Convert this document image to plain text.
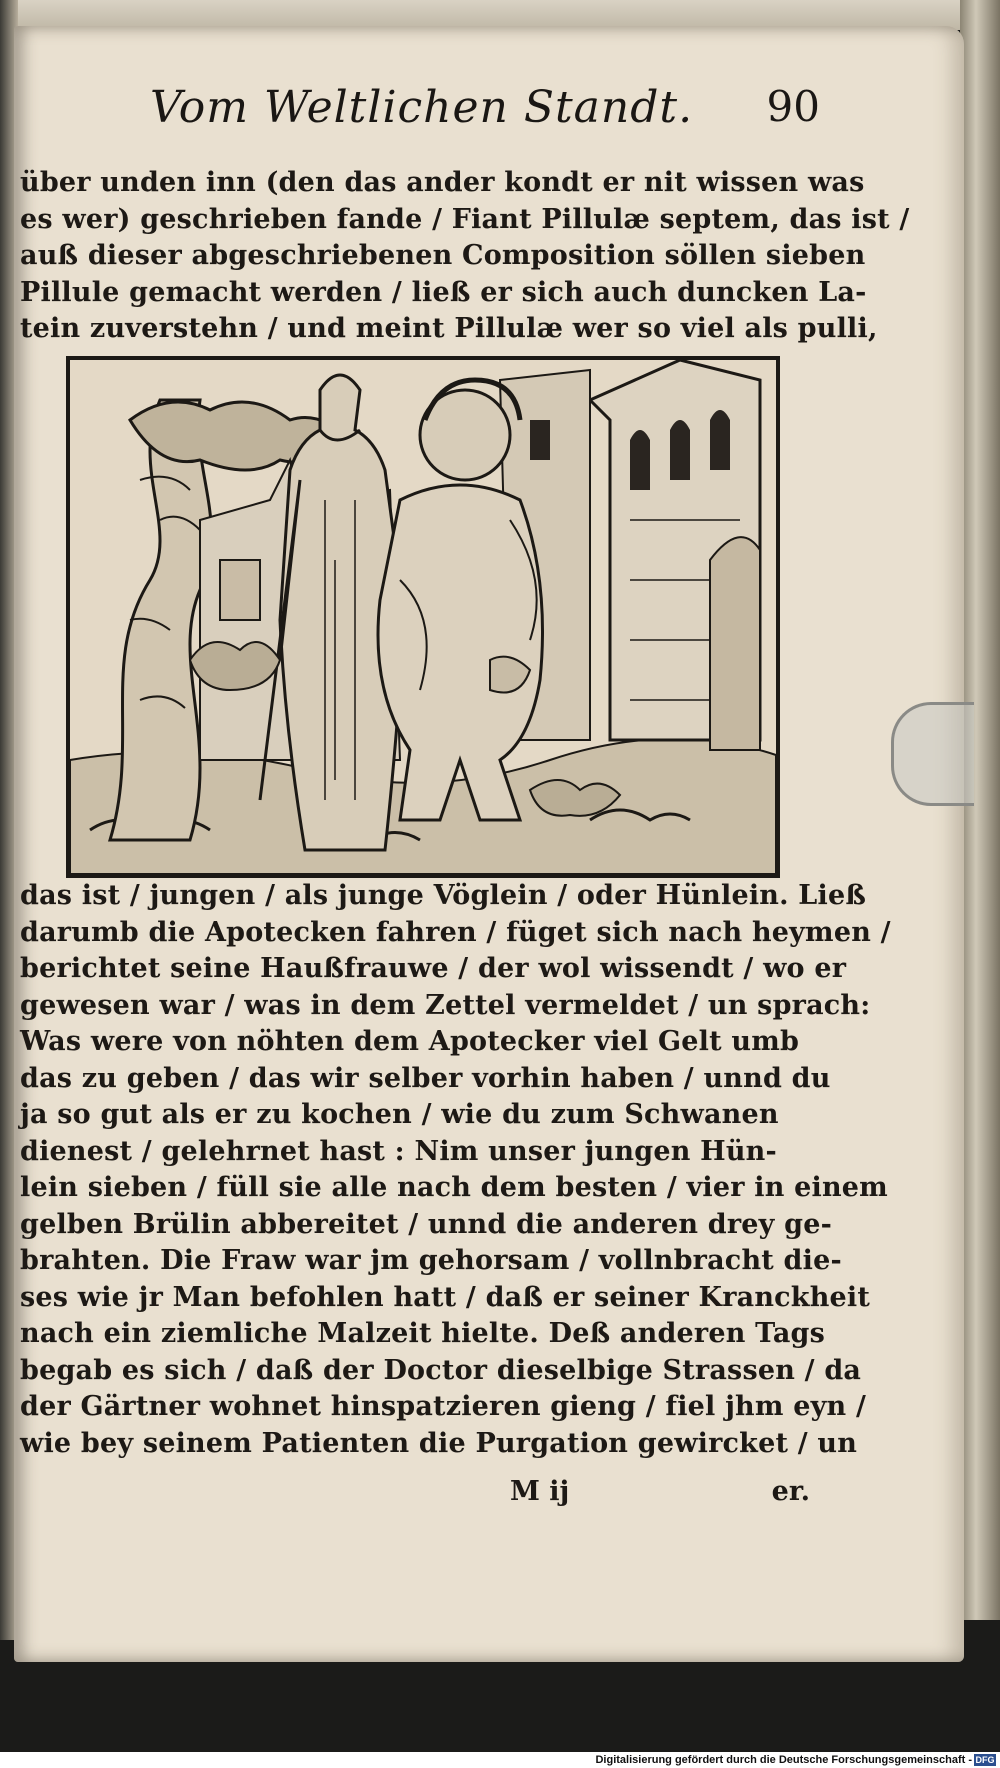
Vom Weltlichen Standt. 90
über unden inn (den das ander kondt er nit wissen was
es wer) geschrieben fande / Fiant Pillulæ septem, das ist /
auß dieser abgeschriebenen Composition söllen sieben
Pillule gemacht werden / ließ er sich auch duncken La-
tein zuverstehn / und meint Pillulæ wer so viel als pulli,
das ist / jungen / als junge Vöglein / oder Hünlein. Ließ
darumb die Apotecken fahren / füget sich nach heymen /
berichtet seine Haußfrauwe / der wol wissendt / wo er
gewesen war / was in dem Zettel vermeldet / un sprach:
Was were von nöhten dem Apotecker viel Gelt umb
das zu geben / das wir selber vorhin haben / unnd du
ja so gut als er zu kochen / wie du zum Schwanen
dienest / gelehrnet hast : Nim unser jungen Hün-
lein sieben / füll sie alle nach dem besten / vier in einem
gelben Brülin abbereitet / unnd die anderen drey ge-
brahten. Die Fraw war jm gehorsam / vollnbracht die-
ses wie jr Man befohlen hatt / daß er seiner Kranckheit
nach ein ziemliche Malzeit hielte. Deß anderen Tags
begab es sich / daß der Doctor dieselbige Strassen / da
der Gärtner wohnet hinspatzieren gieng / fiel jhm eyn /
wie bey seinem Patienten die Purgation gewircket / un
M ij	er.
Digitalisierung gefördert durch die Deutsche Forschungsgemeinschaft - DFG
